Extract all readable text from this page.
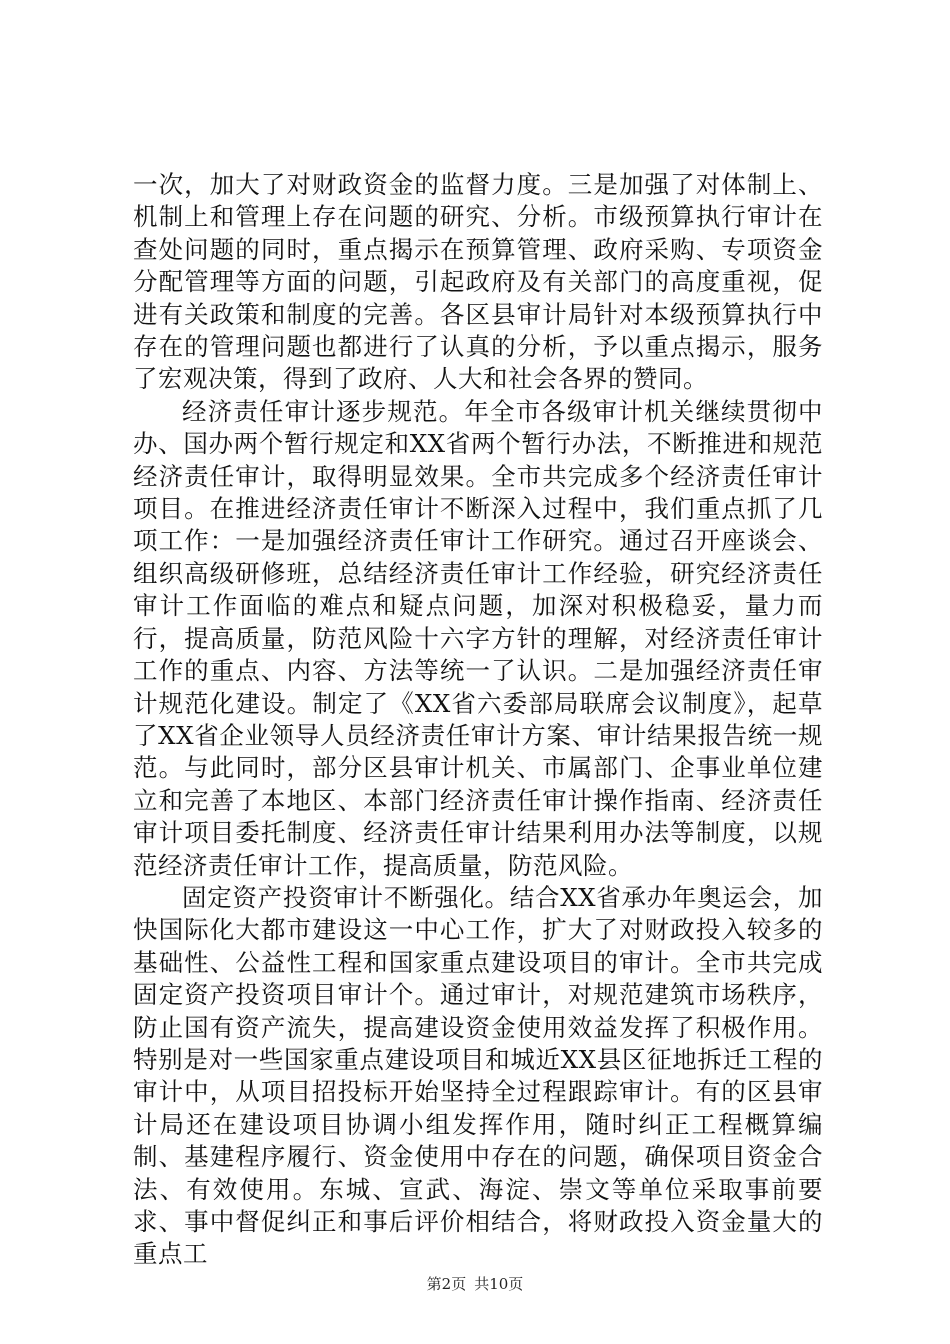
一次，加大了对财政资金的监督力度。三是加强了对体制上、机制上和管理上存在问题的研究、分析。市级预算执行审计在查处问题的同时，重点揭示在预算管理、政府采购、专项资金分配管理等方面的问题，引起政府及有关部门的高度重视，促进有关政策和制度的完善。各区县审计局针对本级预算执行中存在的管理问题也都进行了认真的分析，予以重点揭示，服务了宏观决策，得到了政府、人大和社会各界的赞同。

经济责任审计逐步规范。年全市各级审计机关继续贯彻中办、国办两个暂行规定和XX省两个暂行办法，不断推进和规范经济责任审计，取得明显效果。全市共完成多个经济责任审计项目。在推进经济责任审计不断深入过程中，我们重点抓了几项工作：一是加强经济责任审计工作研究。通过召开座谈会、组织高级研修班，总结经济责任审计工作经验，研究经济责任审计工作面临的难点和疑点问题，加深对积极稳妥，量力而行，提高质量，防范风险十六字方针的理解，对经济责任审计工作的重点、内容、方法等统一了认识。二是加强经济责任审计规范化建设。制定了《XX省六委部局联席会议制度》，起草了XX省企业领导人员经济责任审计方案、审计结果报告统一规范。与此同时，部分区县审计机关、市属部门、企事业单位建立和完善了本地区、本部门经济责任审计操作指南、经济责任审计项目委托制度、经济责任审计结果利用办法等制度，以规范经济责任审计工作，提高质量，防范风险。

固定资产投资审计不断强化。结合XX省承办年奥运会，加快国际化大都市建设这一中心工作，扩大了对财政投入较多的基础性、公益性工程和国家重点建设项目的审计。全市共完成固定资产投资项目审计个。通过审计，对规范建筑市场秩序，防止国有资产流失，提高建设资金使用效益发挥了积极作用。特别是对一些国家重点建设项目和城近XX县区征地拆迁工程的审计中，从项目招投标开始坚持全过程跟踪审计。有的区县审计局还在建设项目协调小组发挥作用，随时纠正工程概算编制、基建程序履行、资金使用中存在的问题，确保项目资金合法、有效使用。东城、宣武、海淀、崇文等单位采取事前要求、事中督促纠正和事后评价相结合，将财政投入资金量大的重点工

第2页 共10页
